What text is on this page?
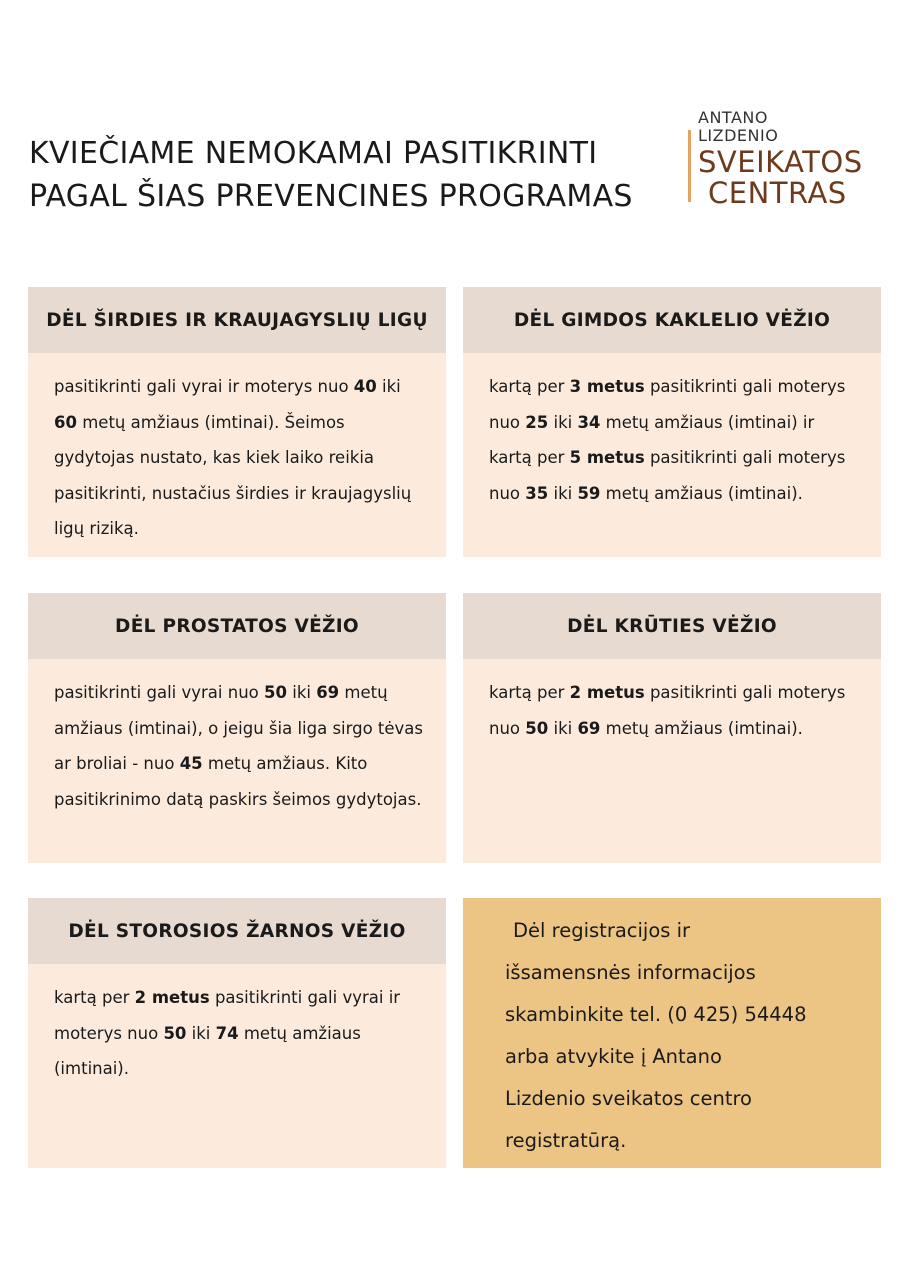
KVIEČIAME NEMOKAMAI PASITIKRINTI
PAGAL ŠIAS PREVENCINES PROGRAMAS
ANTANO
LIZDENIO
SVEIKATOS
CENTRAS
DĖL ŠIRDIES IR KRAUJAGYSLIŲ LIGŲ
pasitikrinti gali vyrai ir moterys nuo 40 iki 60 metų amžiaus (imtinai). Šeimos gydytojas nustato, kas kiek laiko reikia pasitikrinti, nustačius širdies ir kraujagyslių ligų riziką.
DĖL GIMDOS KAKLELIO VĖŽIO
kartą per 3 metus pasitikrinti gali moterys nuo 25 iki 34 metų amžiaus (imtinai) ir kartą per 5 metus pasitikrinti gali moterys nuo 35 iki 59 metų amžiaus (imtinai).
DĖL PROSTATOS VĖŽIO
pasitikrinti gali vyrai nuo 50 iki 69 metų amžiaus (imtinai), o jeigu šia liga sirgo tėvas ar broliai - nuo 45 metų amžiaus. Kito pasitikrinimo datą paskirs šeimos gydytojas.
DĖL KRŪTIES VĖŽIO
kartą per 2 metus pasitikrinti gali moterys nuo 50 iki 69 metų amžiaus (imtinai).
DĖL STOROSIOS ŽARNOS VĖŽIO
kartą per 2 metus pasitikrinti gali vyrai ir moterys nuo 50 iki 74 metų amžiaus (imtinai).
Dėl registracijos ir
išsamensnės informacijos
skambinkite tel. (0 425) 54448
arba atvykite į Antano
Lizdenio sveikatos centro
registratūrą.
